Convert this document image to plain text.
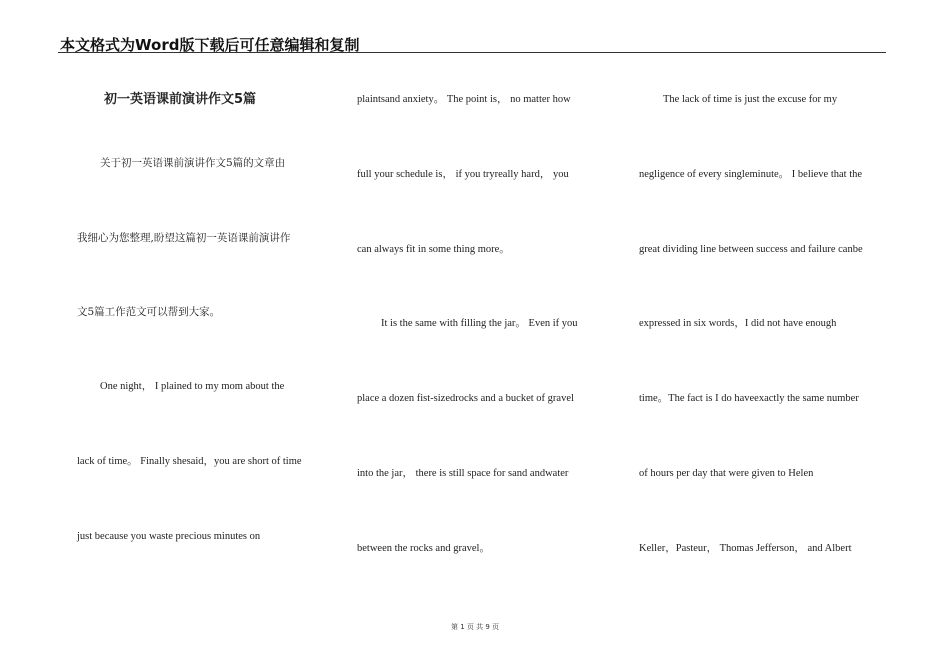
本文格式为Word版下载后可任意编辑和复制
初一英语课前演讲作文5篇
关于初一英语课前演讲作文5篇的文章由
我细心为您整理,盼望这篇初一英语课前演讲作
文5篇工作范文可以帮到大家。
One night， I plained to my mom about the
lack of time。 Finally shesaid，you are short of time
just because you waste precious minutes on
plaintsand anxiety。 The point is， no matter how
full your schedule is， if you tryreally hard， you
can always fit in some thing more。
It is the same with filling the jar。 Even if you
place a dozen fist-sizedrocks and a bucket of gravel
into the jar， there is still space for sand andwater
between the rocks and gravel。
The lack of time is just the excuse for my
negligence of every singleminute。 I believe that the
great dividing line between success and failure canbe
expressed in six words，I did not have enough
time。The fact is I do haveexactly the same number
of hours per day that were given to Helen
Keller，Pasteur， Thomas Jefferson， and Albert
第 1 页 共 9 页
